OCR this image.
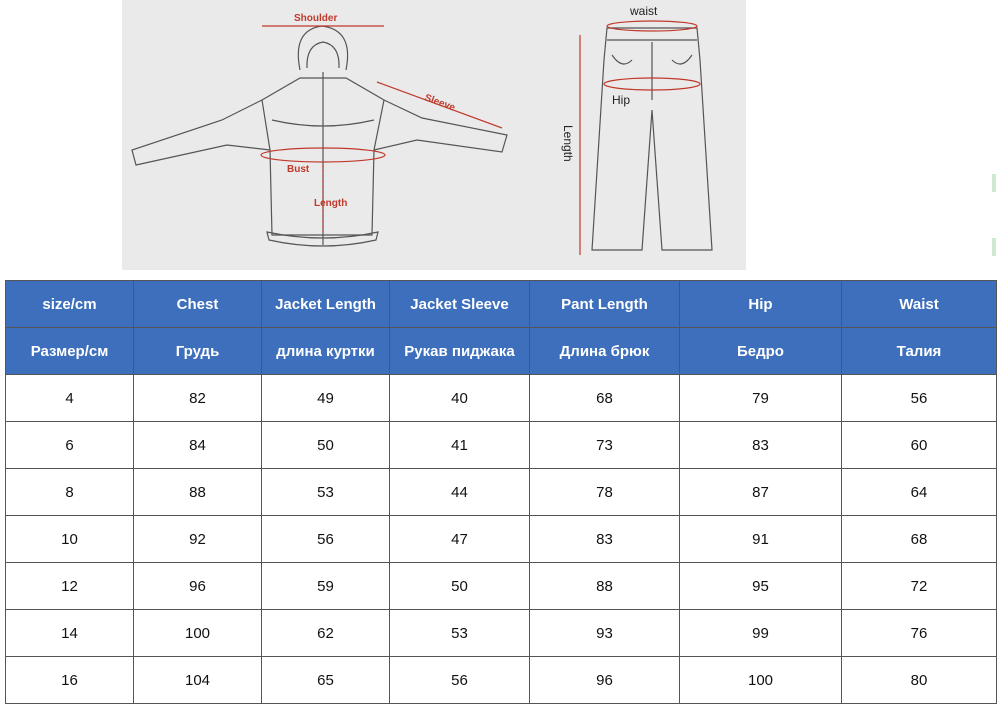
Shoulder
Sleeve
Bust
Length
waist
Hip
Length
size/cm	Chest	Jacket Length	Jacket Sleeve	Pant Length	Hip	Waist
Размер/см	Грудь	длина куртки	Рукав пиджака	Длина брюк	Бедро	Талия
4	82	49	40	68	79	56
6	84	50	41	73	83	60
8	88	53	44	78	87	64
10	92	56	47	83	91	68
12	96	59	50	88	95	72
14	100	62	53	93	99	76
16	104	65	56	96	100	80
